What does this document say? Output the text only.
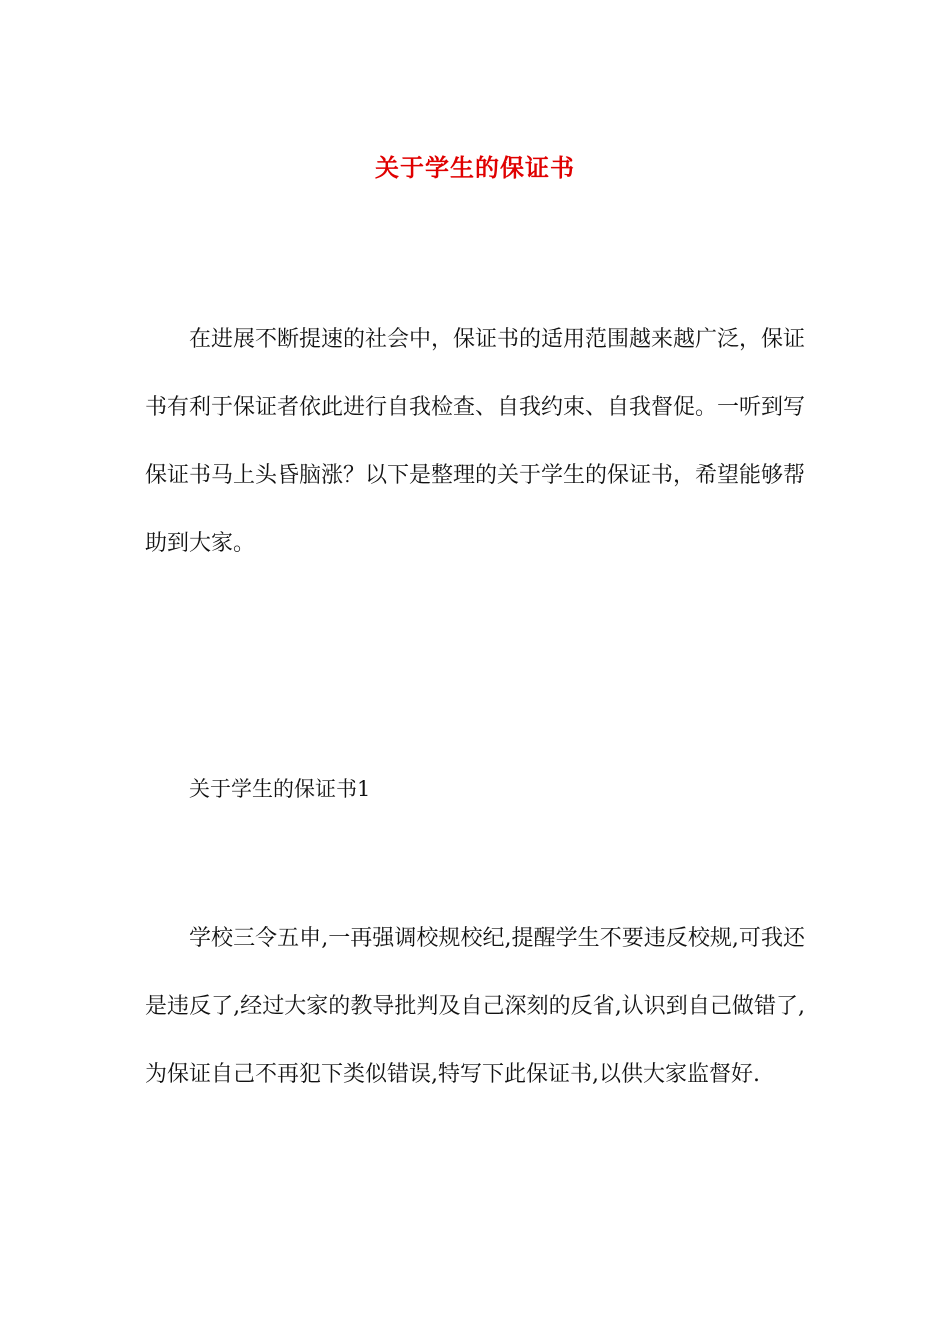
关于学生的保证书

在进展不断提速的社会中，保证书的适用范围越来越广泛，保证书有利于保证者依此进行自我检查、自我约束、自我督促。一听到写保证书马上头昏脑涨？以下是整理的关于学生的保证书，希望能够帮助到大家。

关于学生的保证书1

学校三令五申,一再强调校规校纪,提醒学生不要违反校规,可我还是违反了,经过大家的教导批判及自己深刻的反省,认识到自己做错了,为保证自己不再犯下类似错误,特写下此保证书,以供大家监督好.
